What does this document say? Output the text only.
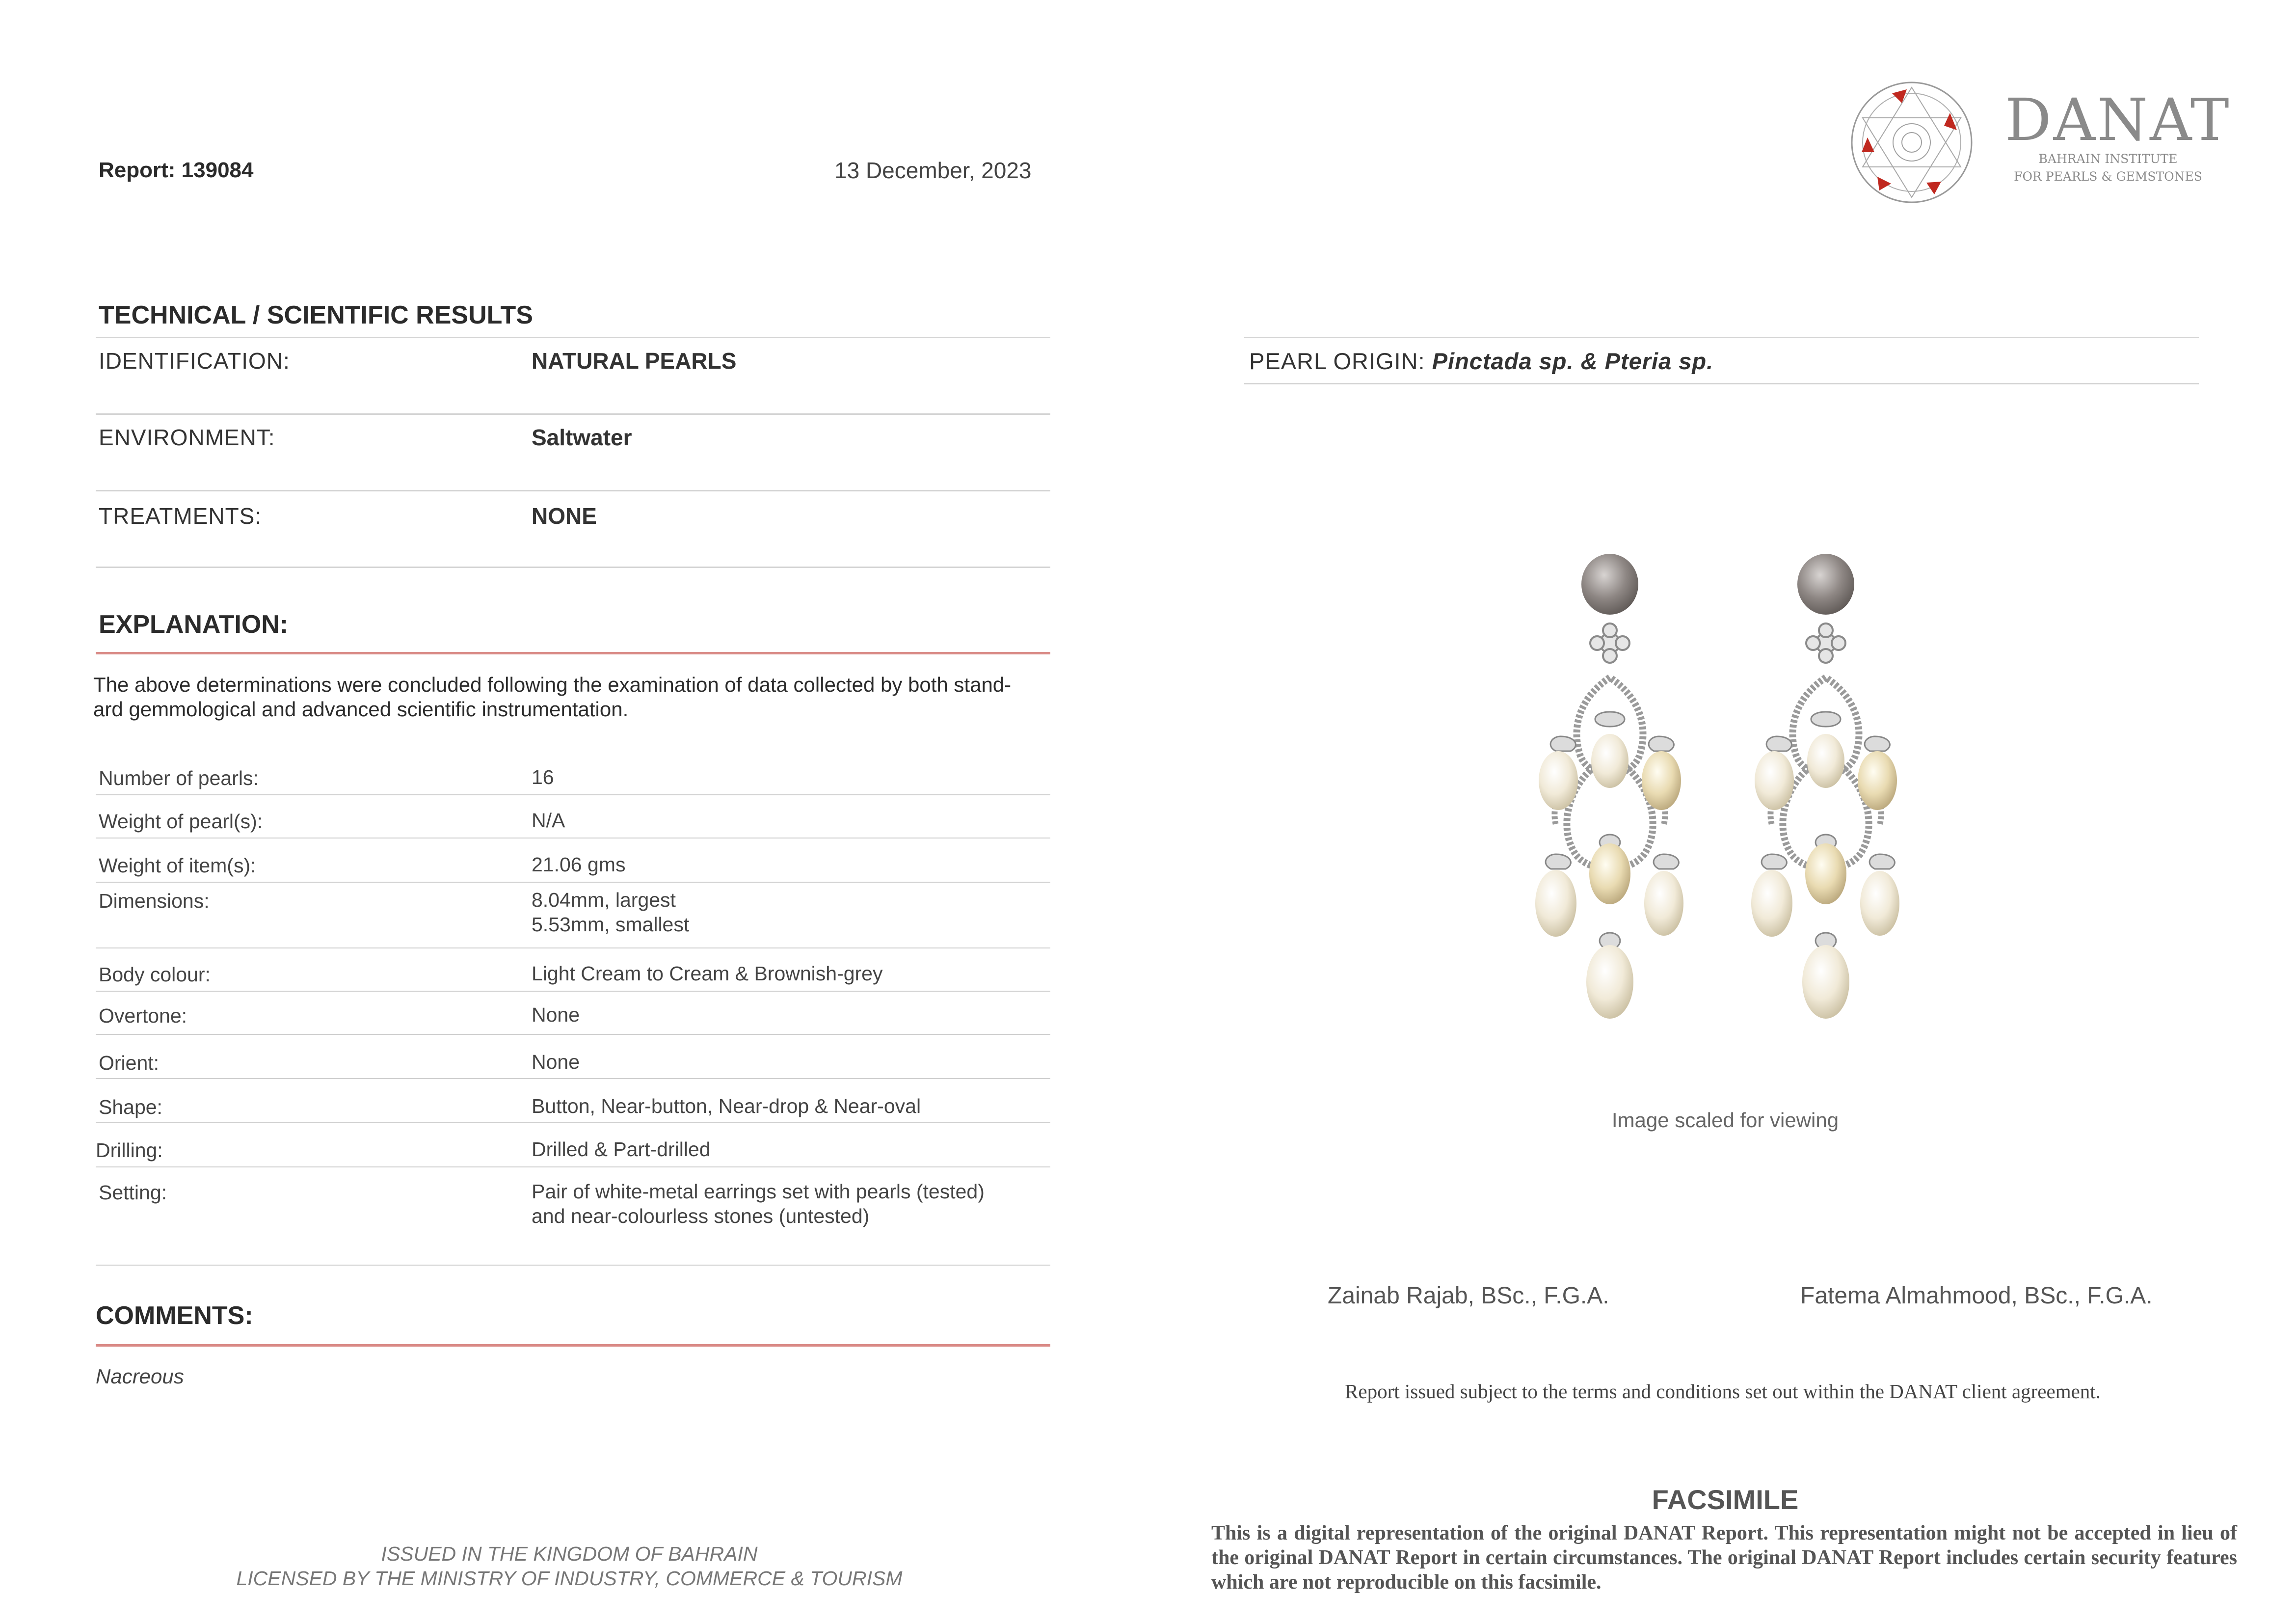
Report: 139084	13 December, 2023
DANAT
BAHRAIN INSTITUTE
FOR PEARLS & GEMSTONES
TECHNICAL / SCIENTIFIC RESULTS
IDENTIFICATION:	NATURAL PEARLS
ENVIRONMENT:	Saltwater
TREATMENTS:	NONE
PEARL ORIGIN: Pinctada sp. & Pteria sp.
EXPLANATION:
The above determinations were concluded following the examination of data collected by both stand-
ard gemmological and advanced scientific instrumentation.
Number of pearls:	16
Weight of pearl(s):	N/A
Weight of item(s):	21.06 gms
Dimensions:	8.04mm, largest
5.53mm, smallest
Body colour:	Light Cream to Cream & Brownish-grey
Overtone:	None
Orient:	None
Shape:	Button, Near-button, Near-drop & Near-oval
Drilling:	Drilled & Part-drilled
Setting:	Pair of white-metal earrings set with pearls (tested)
and near-colourless stones (untested)
COMMENTS:
Nacreous
ISSUED IN THE KINGDOM OF BAHRAIN
LICENSED BY THE MINISTRY OF INDUSTRY, COMMERCE & TOURISM
Image scaled for viewing
Zainab Rajab, BSc., F.G.A.	Fatema Almahmood, BSc., F.G.A.
Report issued subject to the terms and conditions set out within the DANAT client agreement.
FACSIMILE
This is a digital representation of the original DANAT Report. This representation might not be accepted in lieu of the original DANAT Report in certain circumstances. The original DANAT Report includes certain security features which are not reproducible on this facsimile.
